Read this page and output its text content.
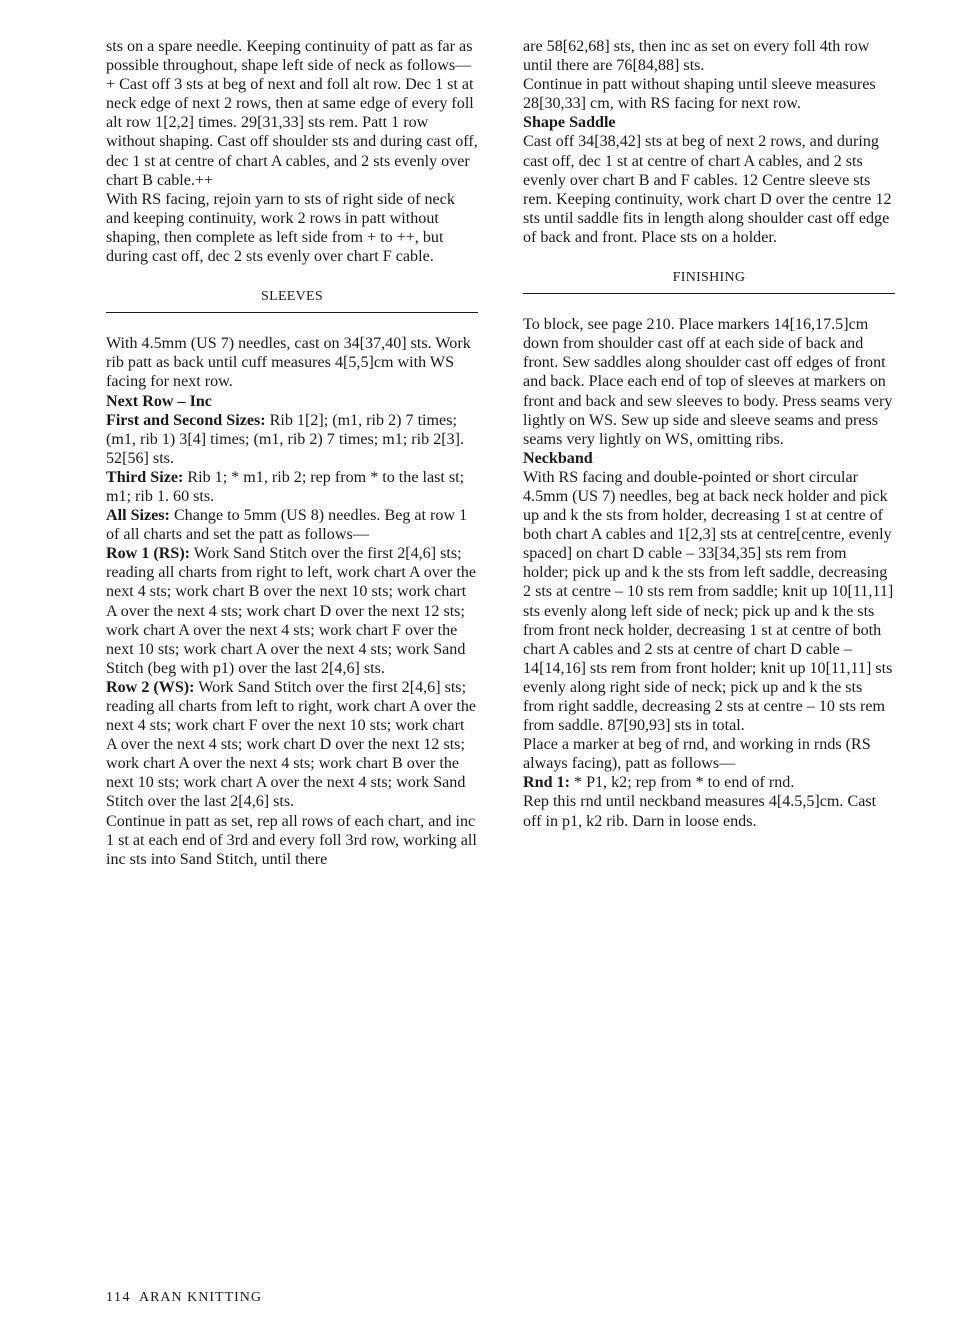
sts on a spare needle. Keeping continuity of patt as far as possible throughout, shape left side of neck as follows—

+ Cast off 3 sts at beg of next and foll alt row. Dec 1 st at neck edge of next 2 rows, then at same edge of every foll alt row 1[2,2] times. 29[31,33] sts rem. Patt 1 row without shaping. Cast off shoulder sts and during cast off, dec 1 st at centre of chart A cables, and 2 sts evenly over chart B cable.++

With RS facing, rejoin yarn to sts of right side of neck and keeping continuity, work 2 rows in patt without shaping, then complete as left side from + to ++, but during cast off, dec 2 sts evenly over chart F cable.

SLEEVES

With 4.5mm (US 7) needles, cast on 34[37,40] sts. Work rib patt as back until cuff measures 4[5,5]cm with WS facing for next row.

Next Row – Inc

First and Second Sizes: Rib 1[2]; (m1, rib 2) 7 times; (m1, rib 1) 3[4] times; (m1, rib 2) 7 times; m1; rib 2[3]. 52[56] sts.

Third Size: Rib 1; * m1, rib 2; rep from * to the last st; m1; rib 1. 60 sts.

All Sizes: Change to 5mm (US 8) needles. Beg at row 1 of all charts and set the patt as follows—

Row 1 (RS): Work Sand Stitch over the first 2[4,6] sts; reading all charts from right to left, work chart A over the next 4 sts; work chart B over the next 10 sts; work chart A over the next 4 sts; work chart D over the next 12 sts; work chart A over the next 4 sts; work chart F over the next 10 sts; work chart A over the next 4 sts; work Sand Stitch (beg with p1) over the last 2[4,6] sts.

Row 2 (WS): Work Sand Stitch over the first 2[4,6] sts; reading all charts from left to right, work chart A over the next 4 sts; work chart F over the next 10 sts; work chart A over the next 4 sts; work chart D over the next 12 sts; work chart A over the next 4 sts; work chart B over the next 10 sts; work chart A over the next 4 sts; work Sand Stitch over the last 2[4,6] sts.

Continue in patt as set, rep all rows of each chart, and inc 1 st at each end of 3rd and every foll 3rd row, working all inc sts into Sand Stitch, until there

are 58[62,68] sts, then inc as set on every foll 4th row until there are 76[84,88] sts.

Continue in patt without shaping until sleeve measures 28[30,33] cm, with RS facing for next row.

Shape Saddle

Cast off 34[38,42] sts at beg of next 2 rows, and during cast off, dec 1 st at centre of chart A cables, and 2 sts evenly over chart B and F cables. 12 Centre sleeve sts rem. Keeping continuity, work chart D over the centre 12 sts until saddle fits in length along shoulder cast off edge of back and front. Place sts on a holder.

FINISHING

To block, see page 210. Place markers 14[16,17.5]cm down from shoulder cast off at each side of back and front. Sew saddles along shoulder cast off edges of front and back. Place each end of top of sleeves at markers on front and back and sew sleeves to body. Press seams very lightly on WS. Sew up side and sleeve seams and press seams very lightly on WS, omitting ribs.

Neckband

With RS facing and double-pointed or short circular 4.5mm (US 7) needles, beg at back neck holder and pick up and k the sts from holder, decreasing 1 st at centre of both chart A cables and 1[2,3] sts at centre[centre, evenly spaced] on chart D cable – 33[34,35] sts rem from holder; pick up and k the sts from left saddle, decreasing 2 sts at centre – 10 sts rem from saddle; knit up 10[11,11] sts evenly along left side of neck; pick up and k the sts from front neck holder, decreasing 1 st at centre of both chart A cables and 2 sts at centre of chart D cable – 14[14,16] sts rem from front holder; knit up 10[11,11] sts evenly along right side of neck; pick up and k the sts from right saddle, decreasing 2 sts at centre – 10 sts rem from saddle. 87[90,93] sts in total.

Place a marker at beg of rnd, and working in rnds (RS always facing), patt as follows—

Rnd 1: * P1, k2; rep from * to end of rnd.

Rep this rnd until neckband measures 4[4.5,5]cm. Cast off in p1, k2 rib. Darn in loose ends.

114 ARAN KNITTING
